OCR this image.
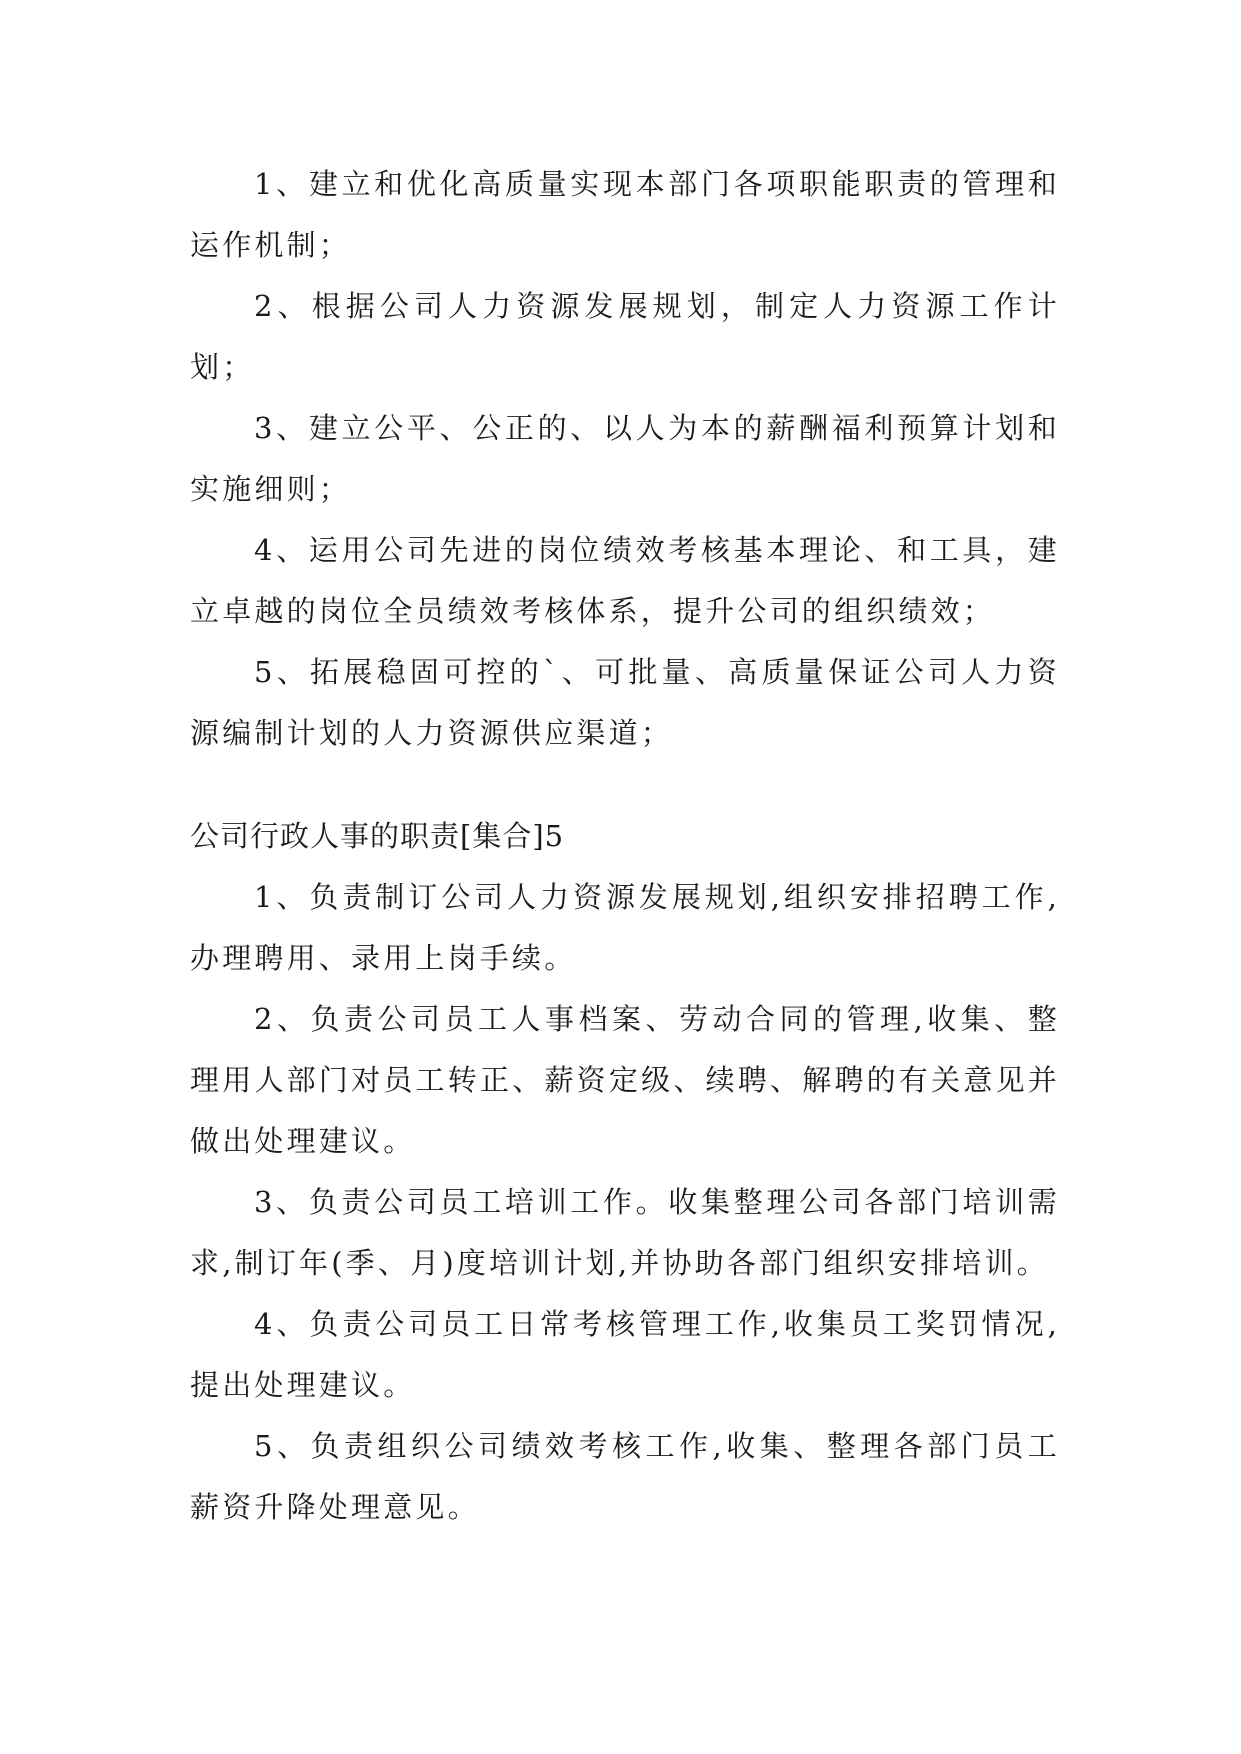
1、建立和优化高质量实现本部门各项职能职责的管理和运作机制；

2、根据公司人力资源发展规划，制定人力资源工作计划；

3、建立公平、公正的、以人为本的薪酬福利预算计划和实施细则；

4、运用公司先进的岗位绩效考核基本理论、和工具，建立卓越的岗位全员绩效考核体系，提升公司的组织绩效；

5、拓展稳固可控的`、可批量、高质量保证公司人力资源编制计划的人力资源供应渠道；

公司行政人事的职责[集合]5

1、负责制订公司人力资源发展规划,组织安排招聘工作,办理聘用、录用上岗手续。

2、负责公司员工人事档案、劳动合同的管理,收集、整理用人部门对员工转正、薪资定级、续聘、解聘的有关意见并做出处理建议。

3、负责公司员工培训工作。收集整理公司各部门培训需求,制订年(季、月)度培训计划,并协助各部门组织安排培训。

4、负责公司员工日常考核管理工作,收集员工奖罚情况,提出处理建议。

5、负责组织公司绩效考核工作,收集、整理各部门员工薪资升降处理意见。
